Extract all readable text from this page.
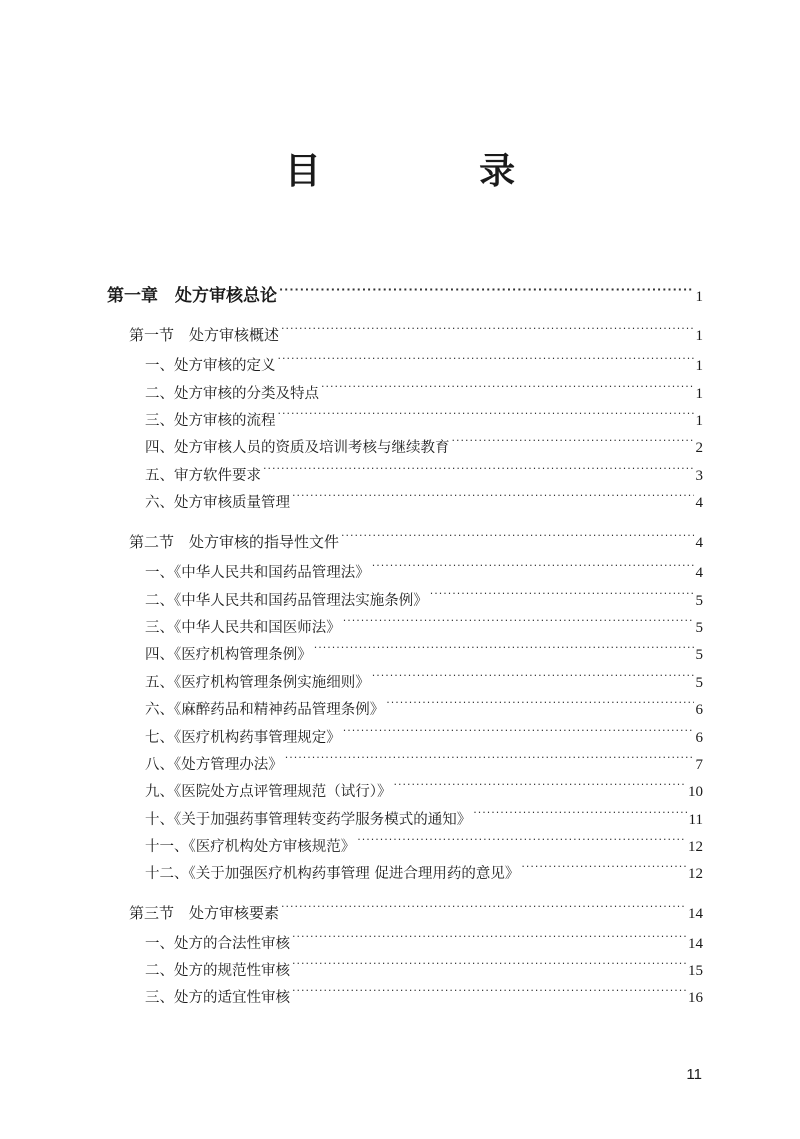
目　录
第一章　处方审核总论 ·····	1
第一节　处方审核概述 ·····	1
一、处方审核的定义 ·····	1
二、处方审核的分类及特点 ·····	1
三、处方审核的流程 ·····	1
四、处方审核人员的资质及培训考核与继续教育 ·····	2
五、审方软件要求 ·····	3
六、处方审核质量管理 ·····	4
第二节　处方审核的指导性文件 ·····	4
一、《中华人民共和国药品管理法》 ·····	4
二、《中华人民共和国药品管理法实施条例》 ·····	5
三、《中华人民共和国医师法》 ·····	5
四、《医疗机构管理条例》 ·····	5
五、《医疗机构管理条例实施细则》 ·····	5
六、《麻醉药品和精神药品管理条例》 ·····	6
七、《医疗机构药事管理规定》 ·····	6
八、《处方管理办法》 ·····	7
九、《医院处方点评管理规范（试行）》 ·····	10
十、《关于加强药事管理转变药学服务模式的通知》 ·····	11
十一、《医疗机构处方审核规范》 ·····	12
十二、《关于加强医疗机构药事管理 促进合理用药的意见》 ·····	12
第三节　处方审核要素 ·····	14
一、处方的合法性审核 ·····	14
二、处方的规范性审核 ·····	15
三、处方的适宜性审核 ·····	16
11
